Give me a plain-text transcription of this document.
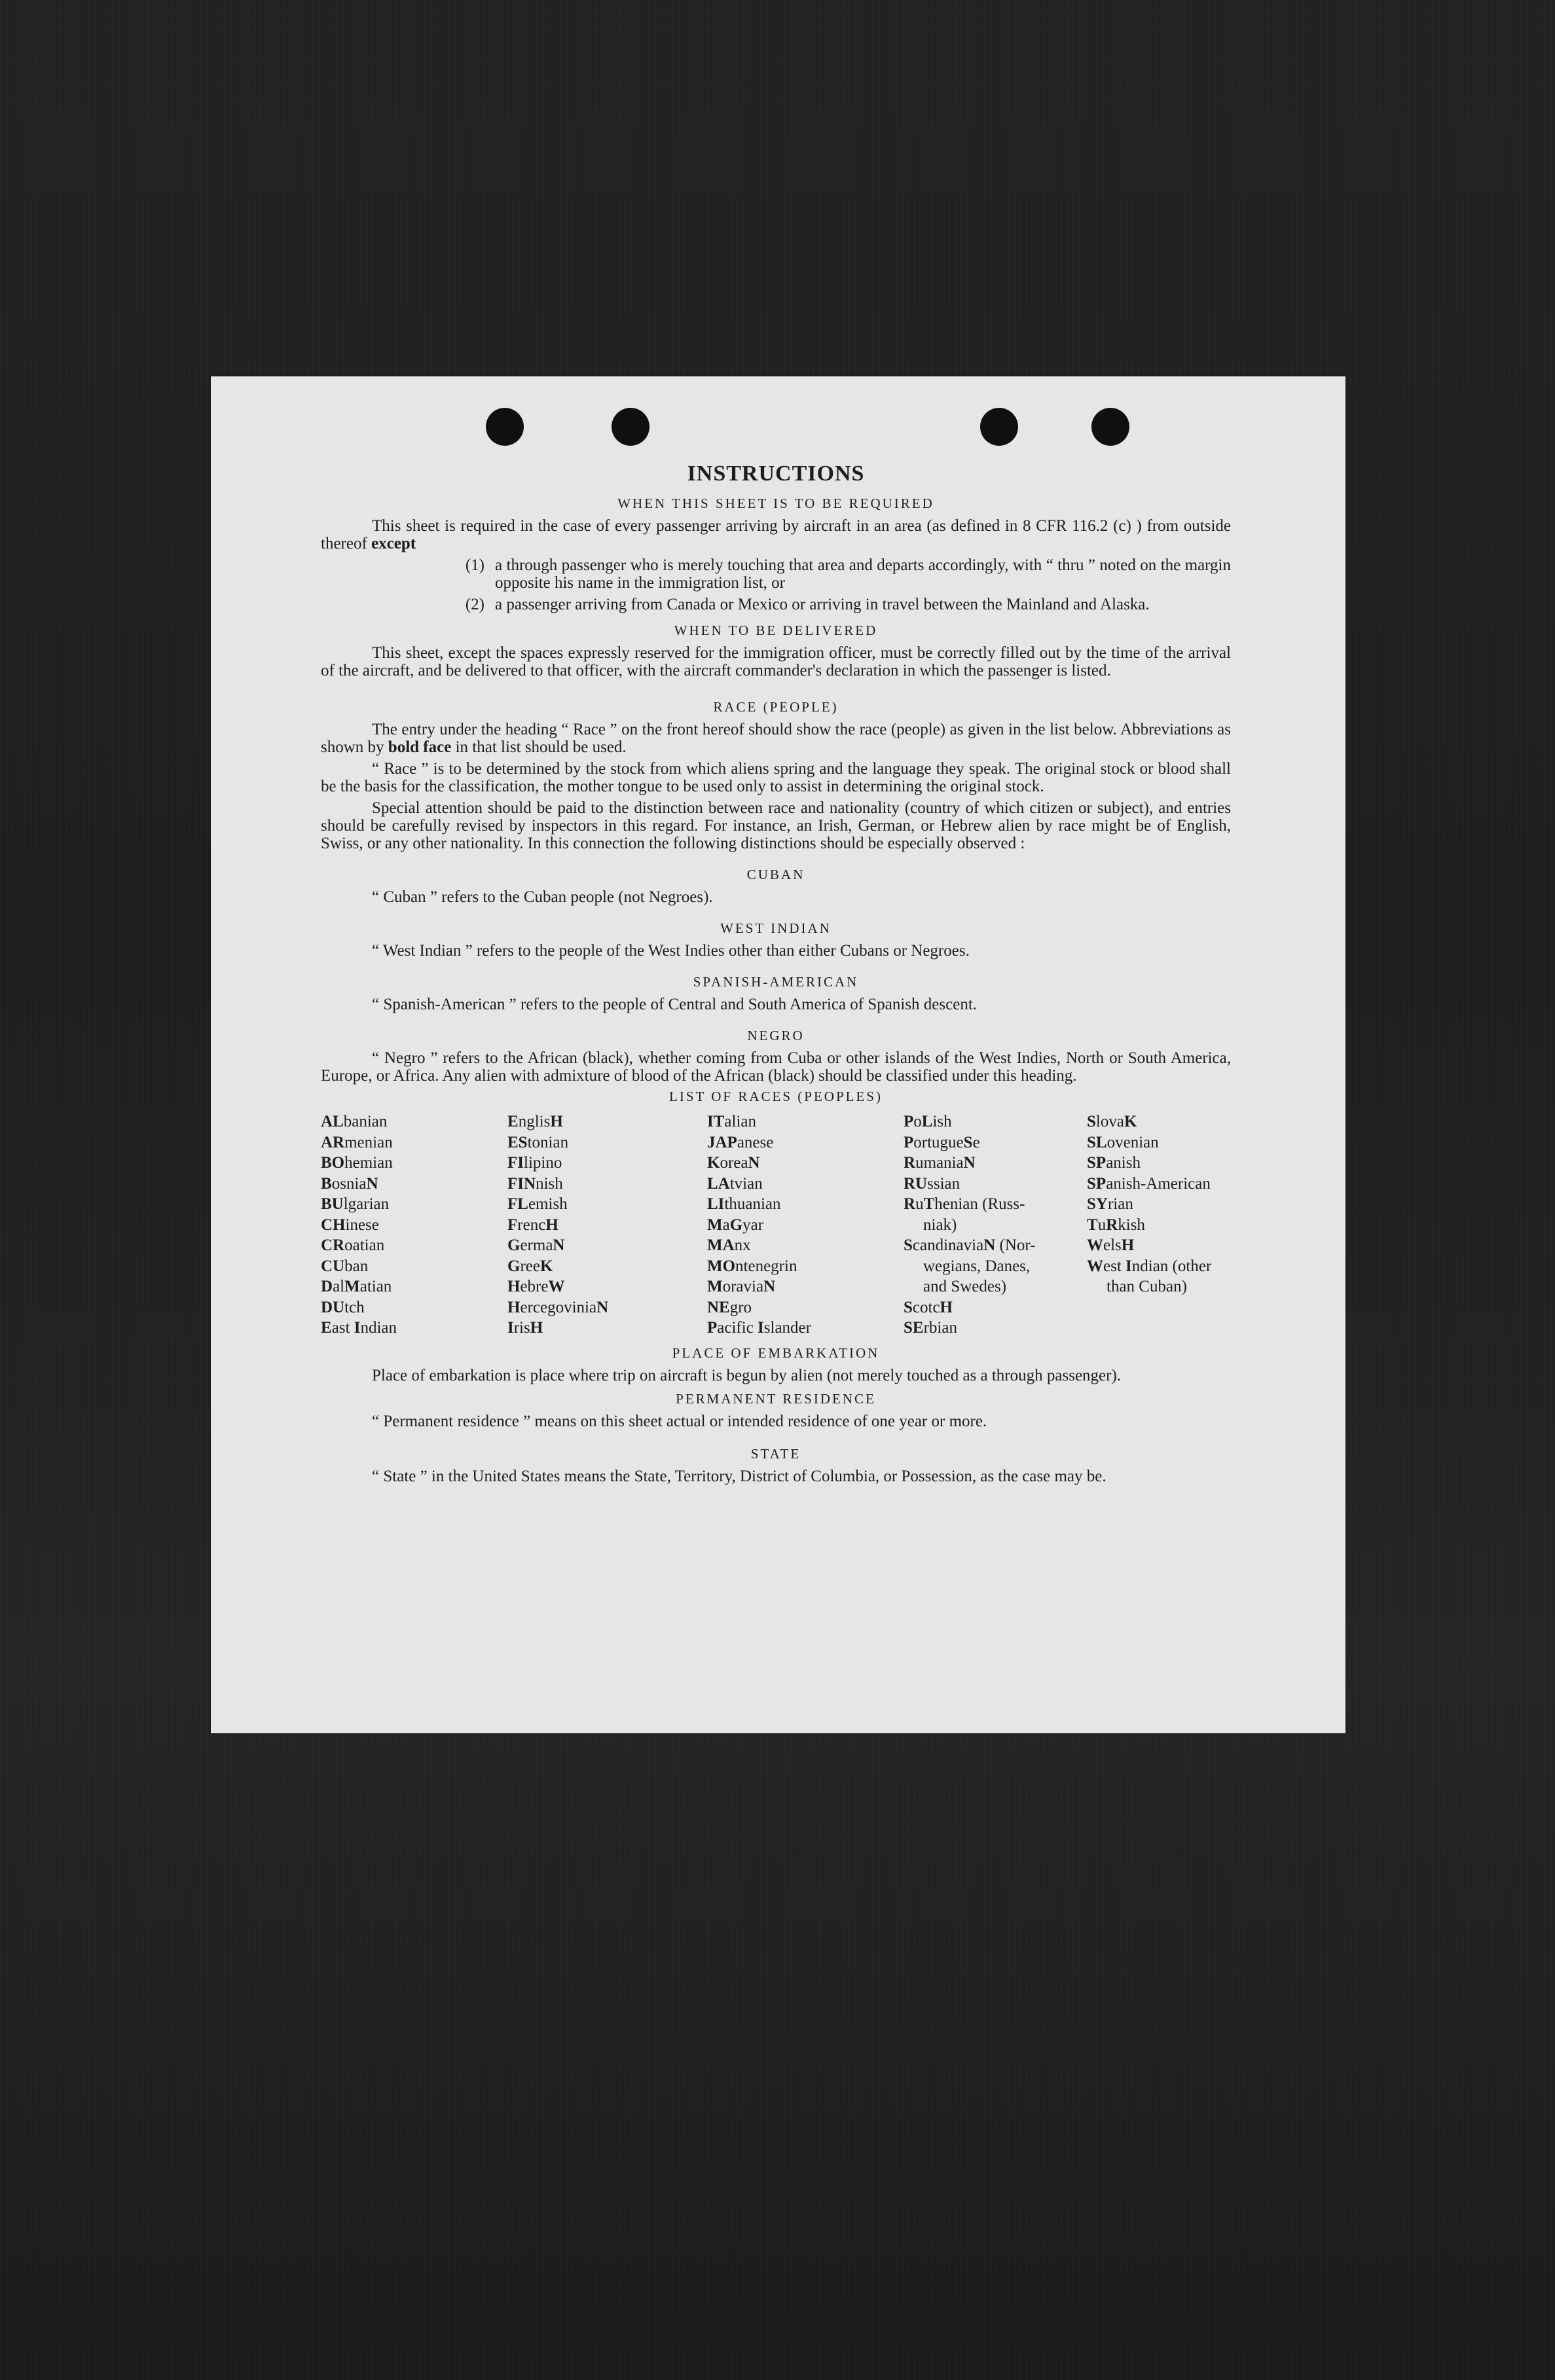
INSTRUCTIONS
WHEN THIS SHEET IS TO BE REQUIRED

This sheet is required in the case of every passenger arriving by aircraft in an area (as defined in 8 CFR 116.2 (c) ) from outside thereof except

(1) a through passenger who is merely touching that area and departs accordingly, with “ thru ” noted on the margin opposite his name in the immigration list, or
(2) a passenger arriving from Canada or Mexico or arriving in travel between the Mainland and Alaska.
WHEN TO BE DELIVERED

This sheet, except the spaces expressly reserved for the immigration officer, must be correctly filled out by the time of the arrival of the aircraft, and be delivered to that officer, with the aircraft commander's declaration in which the passenger is listed.

RACE (PEOPLE)

The entry under the heading “ Race ” on the front hereof should show the race (people) as given in the list below. Abbreviations as shown by bold face in that list should be used.

“ Race ” is to be determined by the stock from which aliens spring and the language they speak. The original stock or blood shall be the basis for the classification, the mother tongue to be used only to assist in determining the original stock.

Special attention should be paid to the distinction between race and nationality (country of which citizen or subject), and entries should be carefully revised by inspectors in this regard. For instance, an Irish, German, or Hebrew alien by race might be of English, Swiss, or any other nationality. In this connection the following distinctions should be especially observed :

CUBAN

“ Cuban ” refers to the Cuban people (not Negroes).

WEST INDIAN

“ West Indian ” refers to the people of the West Indies other than either Cubans or Negroes.

SPANISH-AMERICAN

“ Spanish-American ” refers to the people of Central and South America of Spanish descent.

NEGRO

“ Negro ” refers to the African (black), whether coming from Cuba or other islands of the West Indies, North or South America, Europe, or Africa. Any alien with admixture of blood of the African (black) should be classified under this heading.

LIST OF RACES (PEOPLES)
ALbanian
ARmenian
BOhemian
BosniaN
BUlgarian
CHinese
CRoatian
CUban
DalMatian
DUtch
East Indian
EnglisH
EStonian
FIlipino
FINnish
FLemish
FrencH
GermaN
GreeK
HebreW
HercegoviniaN
IrisH
ITalian
JAPanese
KoreaN
LAtvian
LIthuanian
MaGyar
MAnx
MOntenegrin
MoraviaN
NEgro
Pacific Islander
PoLish
PortugueSe
RumaniaN
RUssian
RuThenian (Russ-
niak)
ScandinaviaN (Nor-
wegians, Danes,
and Swedes)
ScotcH
SErbian
SlovaK
SLovenian
SPanish
SPanish-American
SYrian
TuRkish
WelsH
West Indian (other
than Cuban)
PLACE OF EMBARKATION

Place of embarkation is place where trip on aircraft is begun by alien (not merely touched as a through passenger).

PERMANENT RESIDENCE

“ Permanent residence ” means on this sheet actual or intended residence of one year or more.

STATE

“ State ” in the United States means the State, Territory, District of Columbia, or Possession, as the case may be.
